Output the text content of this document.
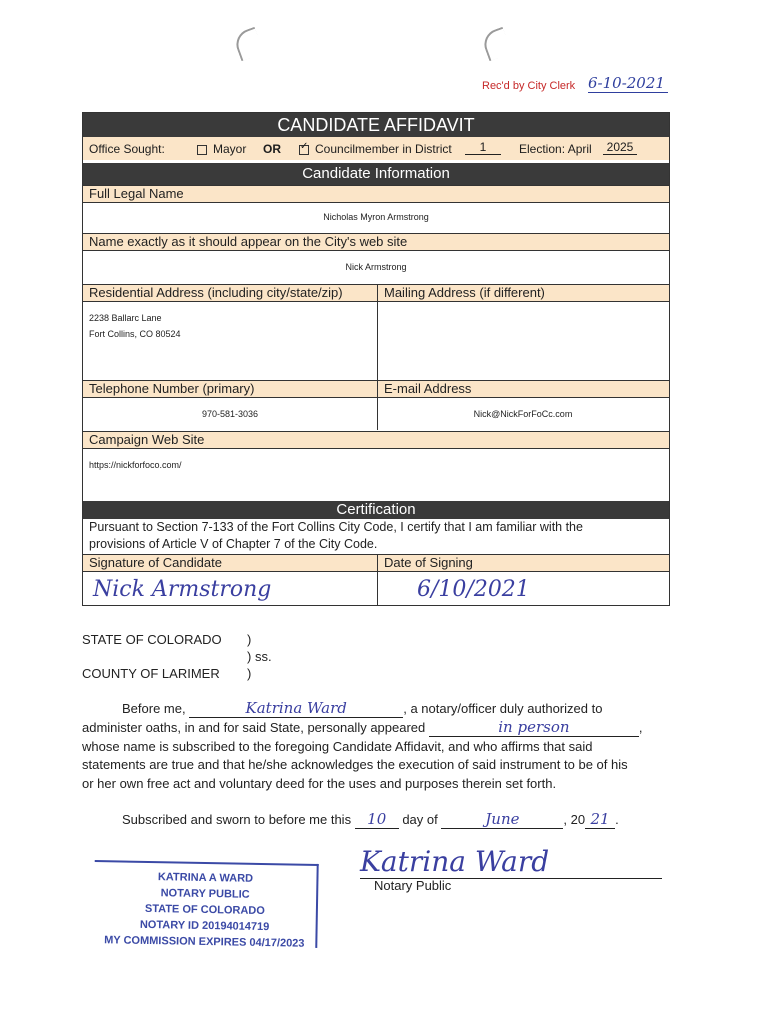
Rec'd by City Clerk 6-10-2021
CANDIDATE AFFIDAVIT
Office Sought:	Mayor OR
✓	Councilmember in District	1	Election: April	2025
Candidate Information
Full Legal Name
Nicholas Myron Armstrong
Name exactly as it should appear on the City's web site
Nick Armstrong
Residential Address (including city/state/zip)	Mailing Address (if different)
2238 Ballarc Lane
Fort Collins, CO 80524
Telephone Number (primary)	E-mail Address
970-581-3036	Nick@NickForFoCc.com
Campaign Web Site
https://nickforfoco.com/
Certification
Pursuant to Section 7-133 of the Fort Collins City Code, I certify that I am familiar with the
provisions of Article V of Chapter 7 of the City Code.
Signature of Candidate	Date of Signing
Nick Armstrong	6/10/2021
STATE OF COLORADO )
) ss.
COUNTY OF LARIMER )
Before me,	Katrina Ward	, a notary/officer duly authorized to
administer oaths, in and for said State, personally appeared	in person	,
whose name is subscribed to the foregoing Candidate Affidavit, and who affirms that said
statements are true and that he/she acknowledges the execution of said instrument to be of his
or her own free act and voluntary deed for the uses and purposes therein set forth.
Subscribed and sworn to before me this 10 day of	June	, 20 21 .
Katrina Ward
Notary Public
KATRINA A WARD
NOTARY PUBLIC
STATE OF COLORADO
NOTARY ID 20194014719
MY COMMISSION EXPIRES 04/17/2023
